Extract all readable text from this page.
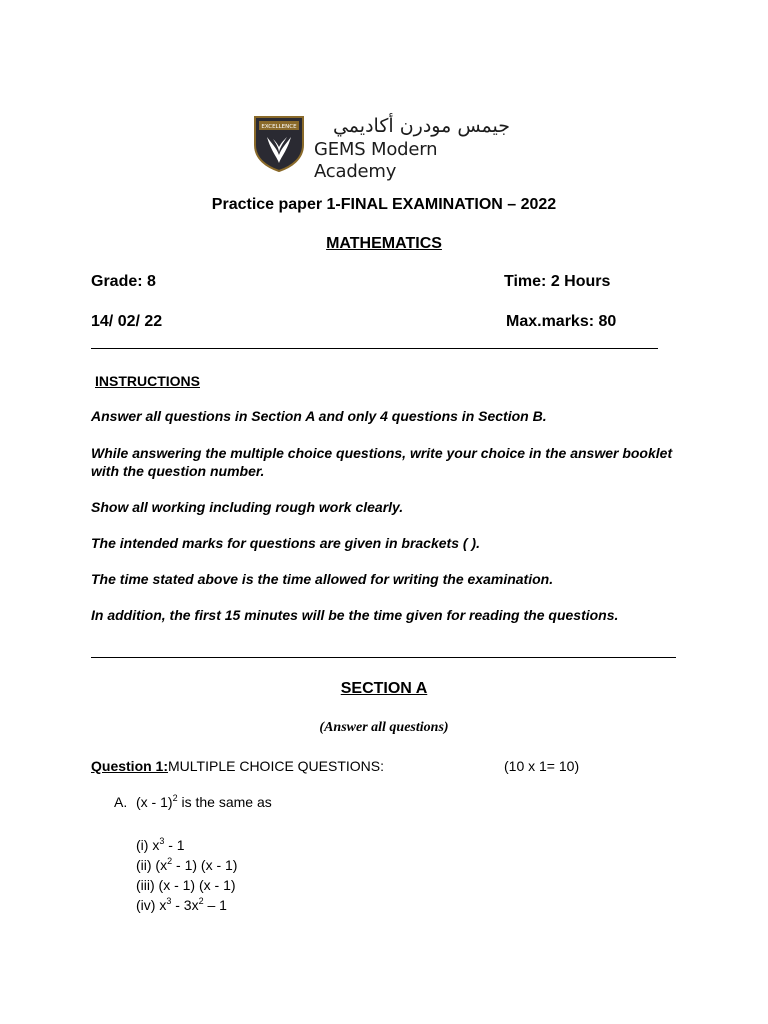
EXCELLENCE	جيمس مودرن أكاديمي
GEMS Modern Academy
Practice paper 1-FINAL EXAMINATION – 2022
MATHEMATICS
Grade: 8	Time: 2 Hours
14/ 02/ 22	Max.marks: 80
INSTRUCTIONS
Answer all questions in Section A and only 4 questions in Section B.
While answering the multiple choice questions, write your choice in the answer booklet with the question number.
Show all working including rough work clearly.
The intended marks for questions are given in brackets ( ).
The time stated above is the time allowed for writing the examination.
In addition, the first 15 minutes will be the time given for reading the questions.
SECTION A
(Answer all questions)
Question 1:MULTIPLE CHOICE QUESTIONS:	(10 x 1= 10)
A. (x - 1)$^2$ is the same as
(i) $x^3 - 1$
(ii) $(x^2 - 1)$ (x - 1)
(iii) (x - 1) (x - 1)
(iv) $x^3 - 3x^2 - 1$
